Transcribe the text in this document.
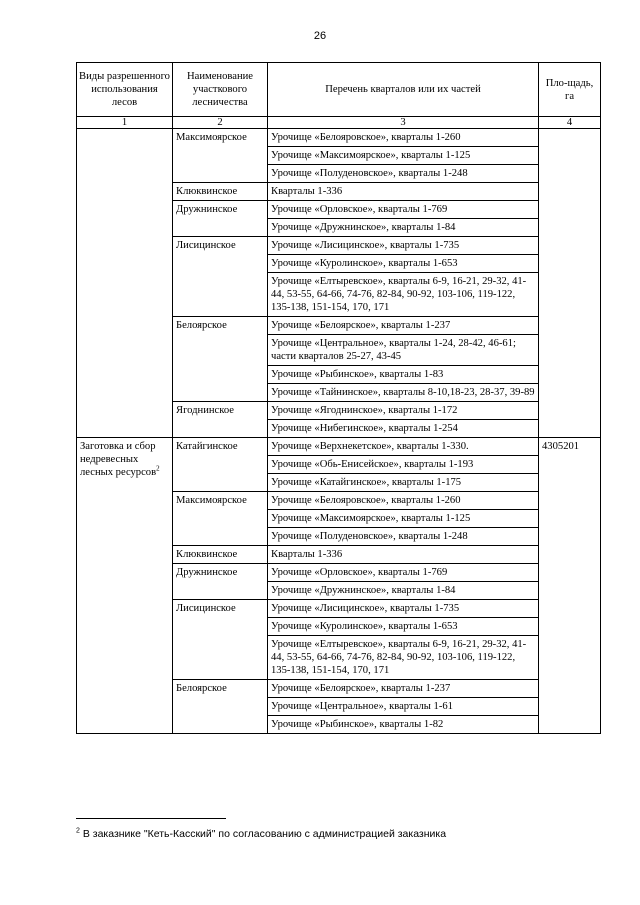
26
Виды разрешенного использования лесов	Наименование участкового лесничества	Перечень кварталов или их частей	Пло-щадь, га
1	2	3	4
	Максимоярское	Урочище «Белояровское», кварталы 1-260	
		Урочище «Максимоярское», кварталы 1-125	
		Урочище «Полуденовское», кварталы 1-248	
	Клюквинское	Кварталы 1-336	
	Дружнинское	Урочище «Орловское», кварталы 1-769	
		Урочище «Дружнинское», кварталы 1-84	
	Лисицинское	Урочище «Лисицинское», кварталы 1-735	
		Урочище «Куролинское», кварталы 1-653	
		Урочище «Елтыревское», кварталы 6-9, 16-21, 29-32, 41-44, 53-55, 64-66, 74-76, 82-84, 90-92, 103-106, 119-122, 135-138, 151-154, 170, 171	
	Белоярское	Урочище «Белоярское», кварталы 1-237	
		Урочище «Центральное», кварталы 1-24, 28-42, 46-61; части кварталов 25-27, 43-45	
		Урочище «Рыбинское», кварталы 1-83	
		Урочище «Тайнинское», кварталы 8-10,18-23, 28-37, 39-89	
	Ягоднинское	Урочище «Ягоднинское», кварталы 1-172	
		Урочище «Нибегинское», кварталы 1-254	
Заготовка и сбор недревесных лесных ресурсов$^2$	Катайгинское	Урочище «Верхнекетское», кварталы 1-330.	4305201
		Урочище «Обь-Енисейское», кварталы 1-193	
		Урочище «Катайгинское», кварталы 1-175	
	Максимоярское	Урочище «Белояровское», кварталы 1-260	
		Урочище «Максимоярское», кварталы 1-125	
		Урочище «Полуденовское», кварталы 1-248	
	Клюквинское	Кварталы 1-336	
	Дружнинское	Урочище «Орловское», кварталы 1-769	
		Урочище «Дружнинское», кварталы 1-84	
	Лисицинское	Урочище «Лисицинское», кварталы 1-735	
		Урочище «Куролинское», кварталы 1-653	
		Урочище «Елтыревское», кварталы 6-9, 16-21, 29-32, 41-44, 53-55, 64-66, 74-76, 82-84, 90-92, 103-106, 119-122, 135-138, 151-154, 170, 171	
	Белоярское	Урочище «Белоярское», кварталы 1-237	
		Урочище «Центральное», кварталы 1-61	
		Урочище «Рыбинское», кварталы 1-82	
$^2$ В заказнике "Кеть-Касский" по согласованию с администрацией заказника
